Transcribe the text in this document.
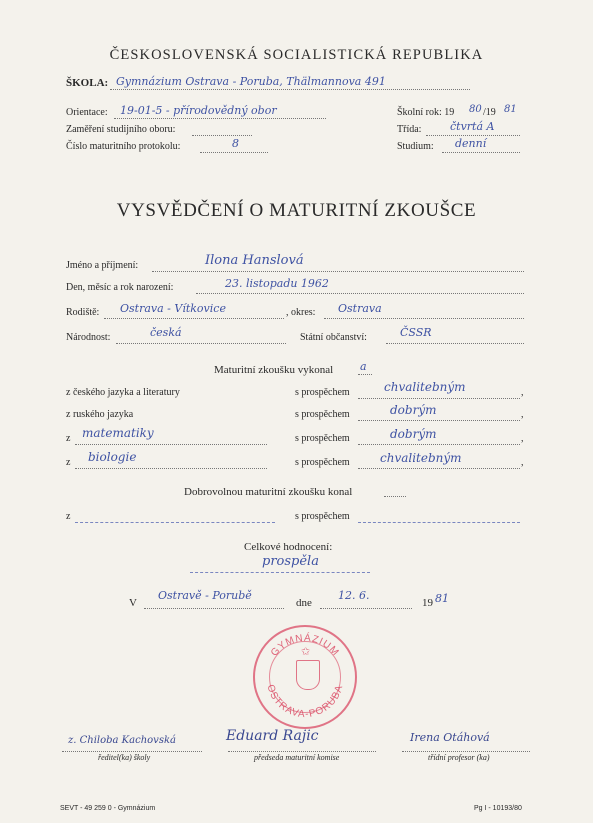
ČESKOSLOVENSKÁ SOCIALISTICKÁ REPUBLIKA
ŠKOLA: Gymnázium Ostrava - Poruba, Thälmannova 491
Orientace: 19-01-5 - přírodovědný obor
Zaměření studijního oboru:
Číslo maturitního protokolu:	8
Školní rok: 19 80 /19 81
Třída:	čtvrtá A
Studium: denní
VYSVĚDČENÍ O MATURITNÍ ZKOUŠCE
Jméno a příjmení:	Ilona Hanslová
Den, měsíc a rok narození:	23. listopadu 1962
Rodiště: Ostrava - Vítkovice	, okres: Ostrava
Národnost:	česká	Státní občanství:	ČSSR
Maturitní zkoušku vykonal a
z českého jazyka a literatury	s prospěchem	chvalitebným	,
z ruského jazyka	s prospěchem	dobrým	,
z matematiky	s prospěchem	dobrým	,
z biologie	s prospěchem	chvalitebným	,
Dobrovolnou maturitní zkoušku konal
z	s prospěchem
Celkové hodnocení:
prospěla
V
Ostravě - Porubě
dne
12. 6.
19 81
GYMNÁZIUM
OSTRAVA-PORUBA
✩
z. Chiloba Kachovská
ředitel(ka) školy
Eduard Rajic
předseda maturitní komise
Irena Otáhová
třídní profesor (ka)
SEVT - 49 259 0 - Gymnázium	Pg I - 10193/80
